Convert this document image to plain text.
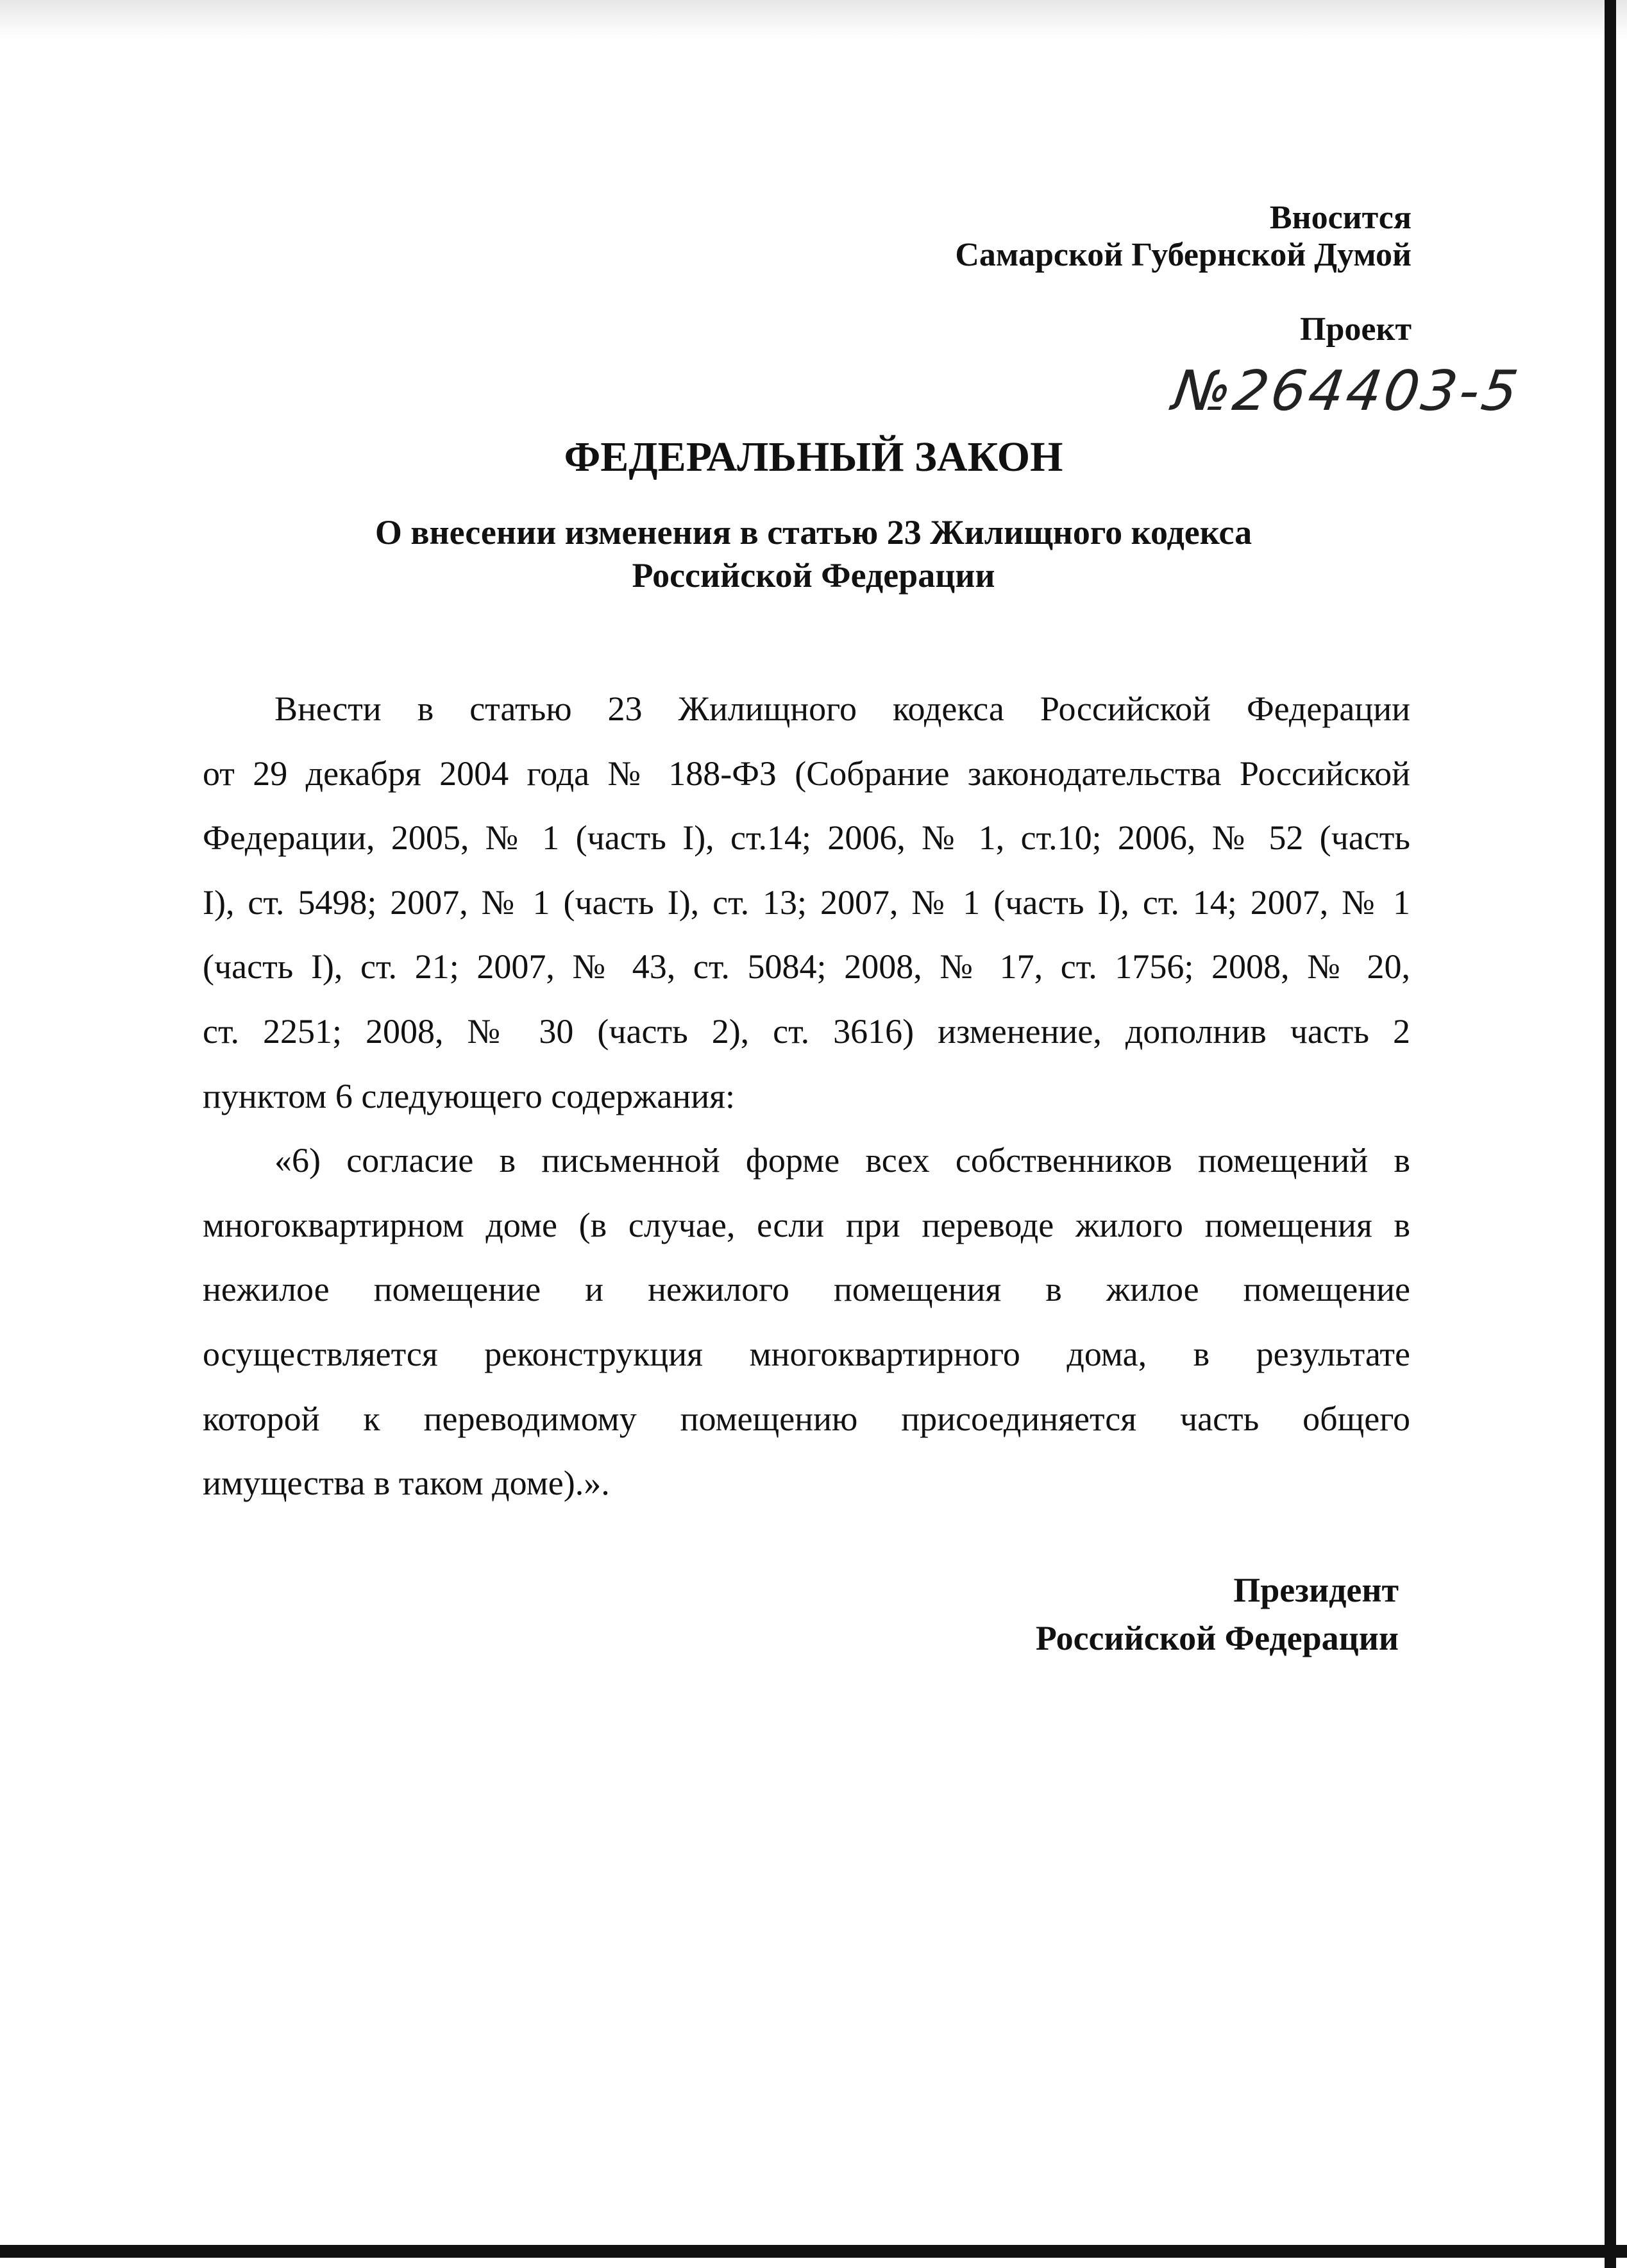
Вносится
Самарской Губернской Думой
Проект
№264403-5
ФЕДЕРАЛЬНЫЙ ЗАКОН
О внесении изменения в статью 23 Жилищного кодекса
Российской Федерации
Внести в статью 23 Жилищного кодекса Российской Федерации
от 29 декабря 2004 года № 188-ФЗ (Собрание законодательства Российской
Федерации, 2005, № 1 (часть I), ст.14; 2006, № 1, ст.10; 2006, № 52 (часть
I), ст. 5498; 2007, № 1 (часть I), ст. 13; 2007, № 1 (часть I), ст. 14; 2007, № 1
(часть I), ст. 21; 2007, № 43, ст. 5084; 2008, № 17, ст. 1756; 2008, № 20,
ст. 2251; 2008, № 30 (часть 2), ст. 3616) изменение, дополнив часть 2
пунктом 6 следующего содержания:
«6) согласие в письменной форме всех собственников помещений в
многоквартирном доме (в случае, если при переводе жилого помещения в
нежилое помещение и нежилого помещения в жилое помещение
осуществляется реконструкция многоквартирного дома, в результате
которой к переводимому помещению присоединяется часть общего
имущества в таком доме).».
Президент
Российской Федерации
